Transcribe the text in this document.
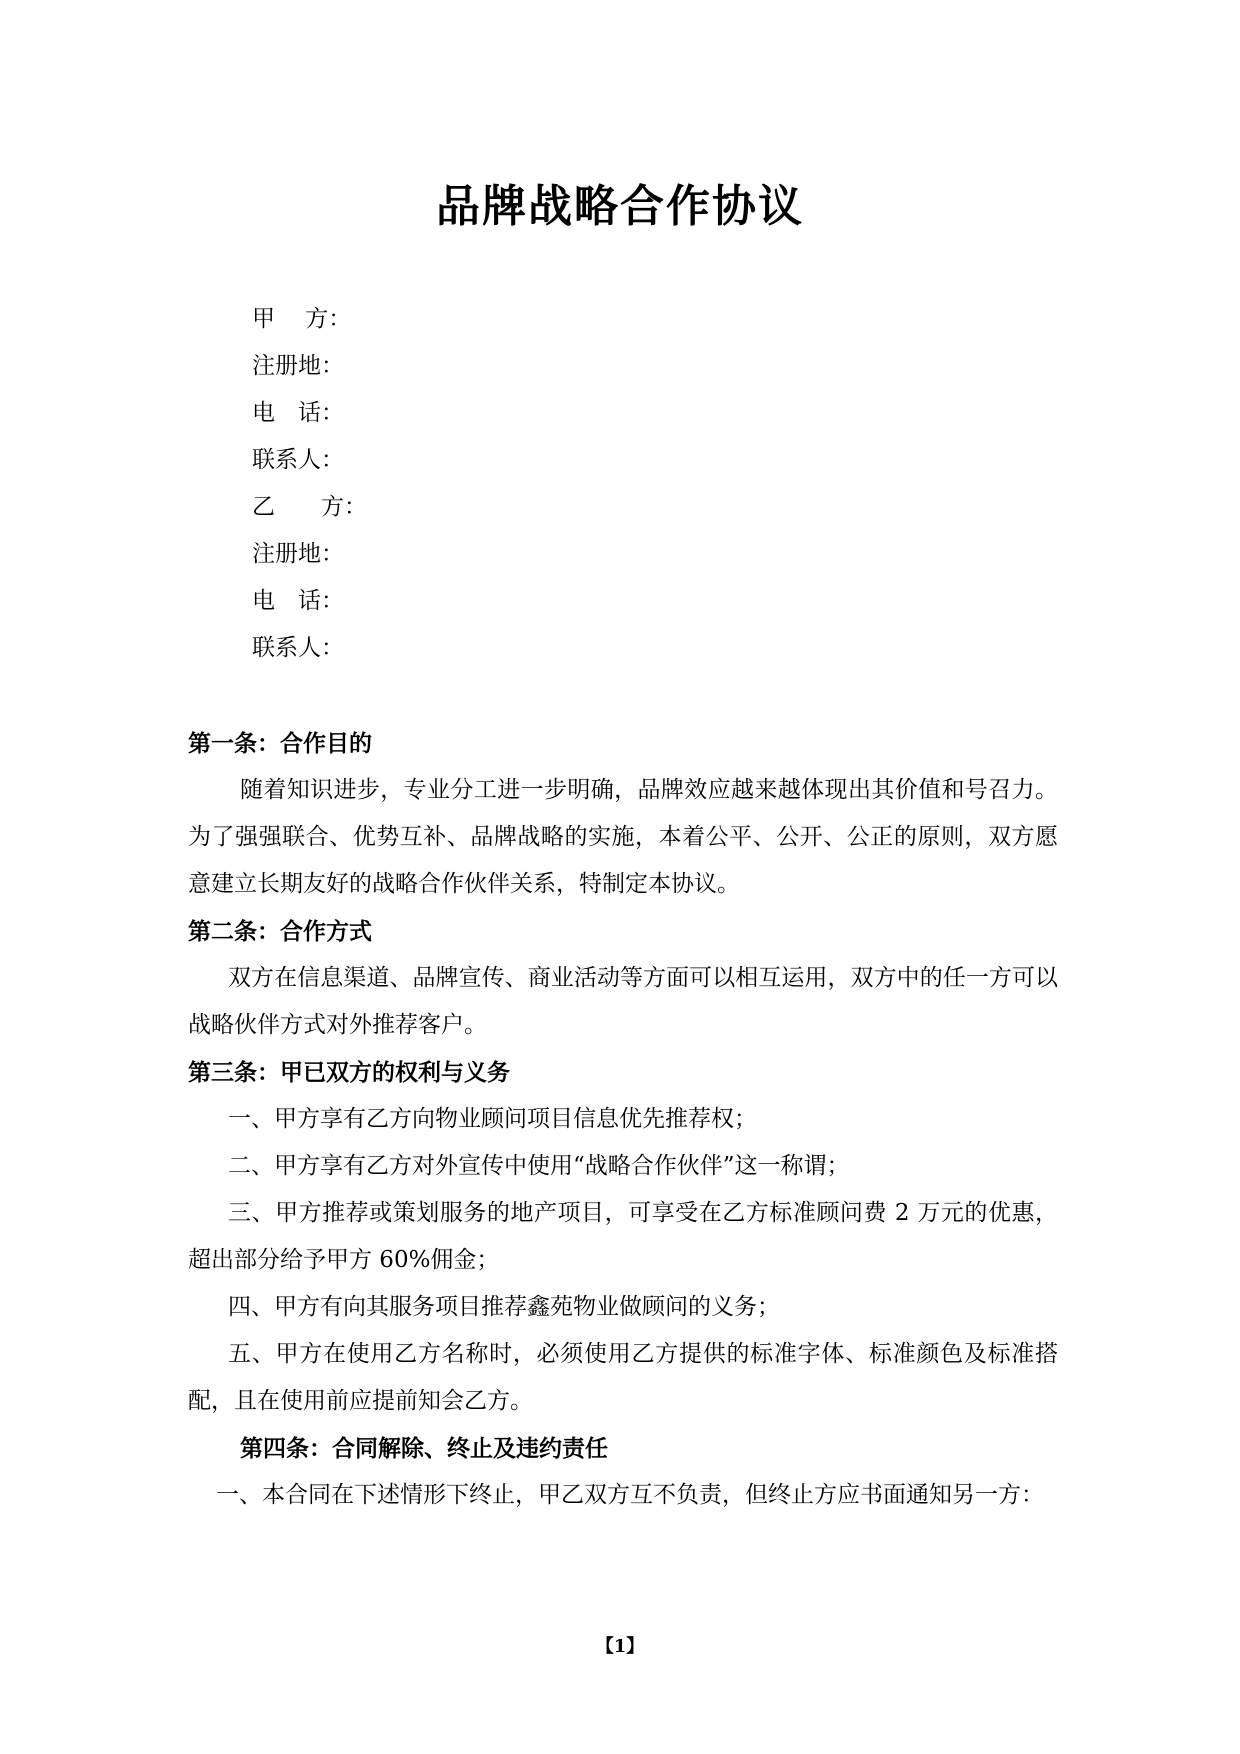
品牌战略合作协议
甲　 方：
注册地：
电　话：
联系人：
乙　　方：
注册地：
电　话：
联系人：
第一条：合作目的
随着知识进步，专业分工进一步明确，品牌效应越来越体现出其价值和号召力。为了强强联合、优势互补、品牌战略的实施，本着公平、公开、公正的原则，双方愿意建立长期友好的战略合作伙伴关系，特制定本协议。
第二条：合作方式
双方在信息渠道、品牌宣传、商业活动等方面可以相互运用，双方中的任一方可以战略伙伴方式对外推荐客户。
第三条：甲已双方的权利与义务
一、甲方享有乙方向物业顾问项目信息优先推荐权；
二、甲方享有乙方对外宣传中使用“战略合作伙伴”这一称谓；
三、甲方推荐或策划服务的地产项目，可享受在乙方标准顾问费 2 万元的优惠，超出部分给予甲方 60%佣金；
四、甲方有向其服务项目推荐鑫苑物业做顾问的义务；
五、甲方在使用乙方名称时，必须使用乙方提供的标准字体、标准颜色及标准搭配，且在使用前应提前知会乙方。
第四条：合同解除、终止及违约责任
一、本合同在下述情形下终止，甲乙双方互不负责，但终止方应书面通知另一方：
【1】
